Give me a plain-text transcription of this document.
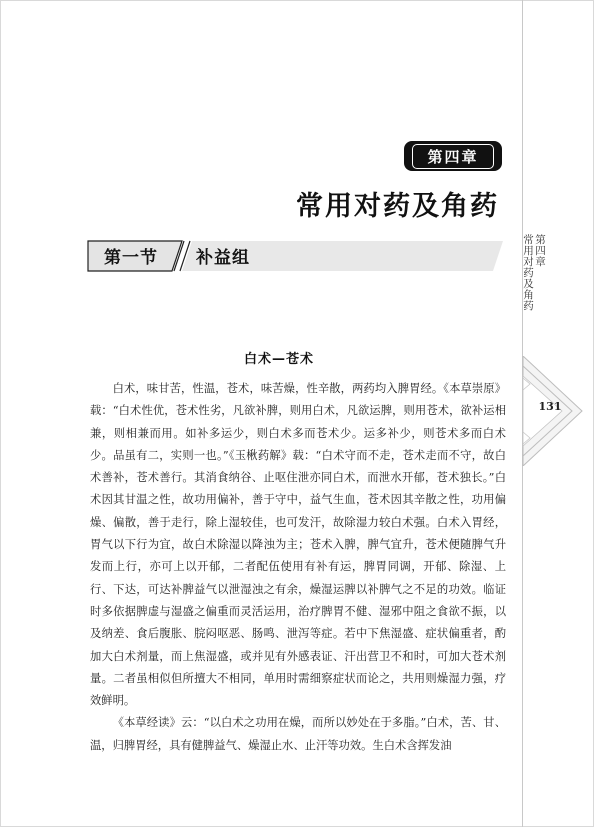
第四章
常用对药及角药
第一节 补益组	第四章
常用对药及角药
131
白术—苍术

白术，味甘苦，性温，苍术，味苦燥，性辛散，两药均入脾胃经。《本草崇原》载：“白术性优，苍术性劣，凡欲补脾，则用白术，凡欲运脾，则用苍术，欲补运相兼，则相兼而用。如补多运少，则白术多而苍术少。运多补少，则苍术多而白术少。品虽有二，实则一也。”《玉楸药解》载：“白术守而不走，苍术走而不守，故白术善补，苍术善行。其消食纳谷、止呕住泄亦同白术，而泄水开郁，苍术独长。”白术因其甘温之性，故功用偏补，善于守中，益气生血，苍术因其辛散之性，功用偏燥、偏散，善于走行，除上湿较佳，也可发汗，故除湿力较白术强。白术入胃经，胃气以下行为宜，故白术除湿以降浊为主；苍术入脾，脾气宜升，苍术便随脾气升发而上行，亦可上以开郁，二者配伍使用有补有运，脾胃同调，开郁、除湿、上行、下达，可达补脾益气以泄湿浊之有余，燥湿运脾以补脾气之不足的功效。临证时多依据脾虚与湿盛之偏重而灵活运用，治疗脾胃不健、湿邪中阻之食欲不振，以及纳差、食后腹胀、脘闷呕恶、肠鸣、泄泻等症。若中下焦湿盛、症状偏重者，酌加大白术剂量，而上焦湿盛，或并见有外感表证、汗出营卫不和时，可加大苍术剂量。二者虽相似但所擅大不相同，单用时需细察症状而论之，共用则燥湿力强，疗效鲜明。

《本草经读》云：“以白术之功用在燥，而所以妙处在于多脂。”白术，苦、甘、温，归脾胃经，具有健脾益气、燥湿止水、止汗等功效。生白术含挥发油
